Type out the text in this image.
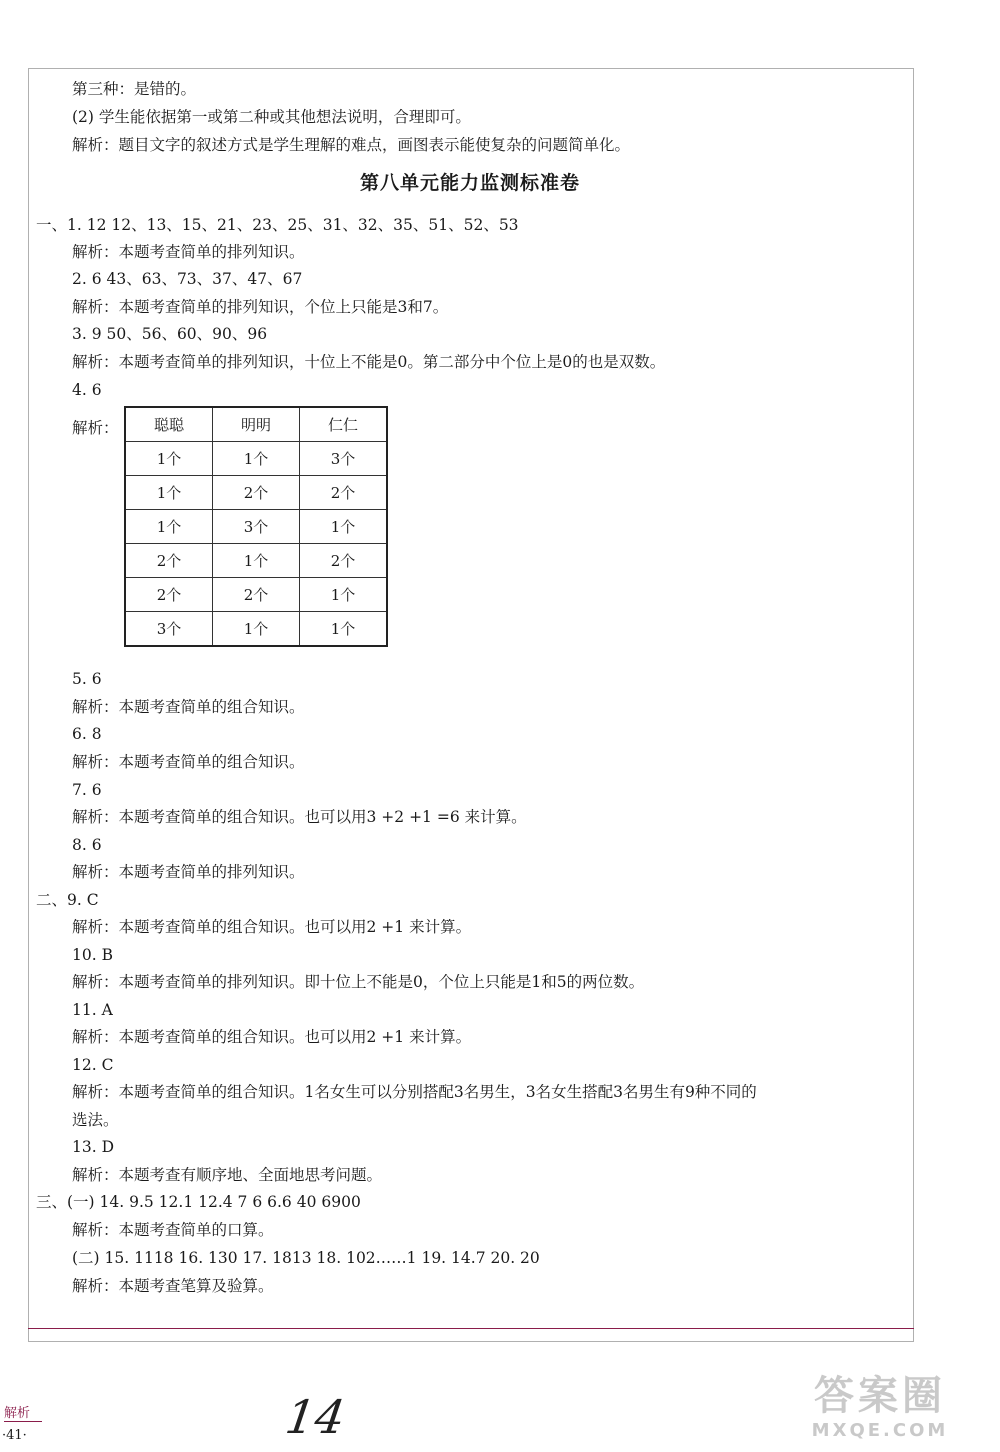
第三种：是错的。
(2) 学生能依据第一或第二种或其他想法说明，合理即可。
解析：题目文字的叙述方式是学生理解的难点，画图表示能使复杂的问题简单化。
第八单元能力监测标准卷
一、1. 12 12、13、15、21、23、25、31、32、35、51、52、53
解析：本题考查简单的排列知识。
2. 6 43、63、73、37、47、67
解析：本题考查简单的排列知识，个位上只能是3和7。
3. 9 50、56、60、90、96
解析：本题考查简单的排列知识，十位上不能是0。第二部分中个位上是0的也是双数。
4. 6
解析： 聪聪	明明	仁仁
1个	1个	3个
1个	2个	2个
1个	3个	1个
2个	1个	2个
2个	2个	1个
3个	1个	1个
5. 6
解析：本题考查简单的组合知识。
6. 8
解析：本题考查简单的组合知识。
7. 6
解析：本题考查简单的组合知识。也可以用3 +2 +1 =6 来计算。
8. 6
解析：本题考查简单的排列知识。
二、9. C
解析：本题考查简单的组合知识。也可以用2 +1 来计算。
10. B
解析：本题考查简单的排列知识。即十位上不能是0，个位上只能是1和5的两位数。
11. A
解析：本题考查简单的组合知识。也可以用2 +1 来计算。
12. C
解析：本题考查简单的组合知识。1名女生可以分别搭配3名男生，3名女生搭配3名男生有9种不同的
选法。
13. D
解析：本题考查有顺序地、全面地思考问题。
三、(一) 14. 9.5 12.1 12.4 7 6 6.6 40 6900
解析：本题考查简单的口算。
(二) 15. 1118 16. 130 17. 1813 18. 102……1 19. 14.7 20. 20
解析：本题考查笔算及验算。
解析
·41·	14	答案圈
MXQE.COM
